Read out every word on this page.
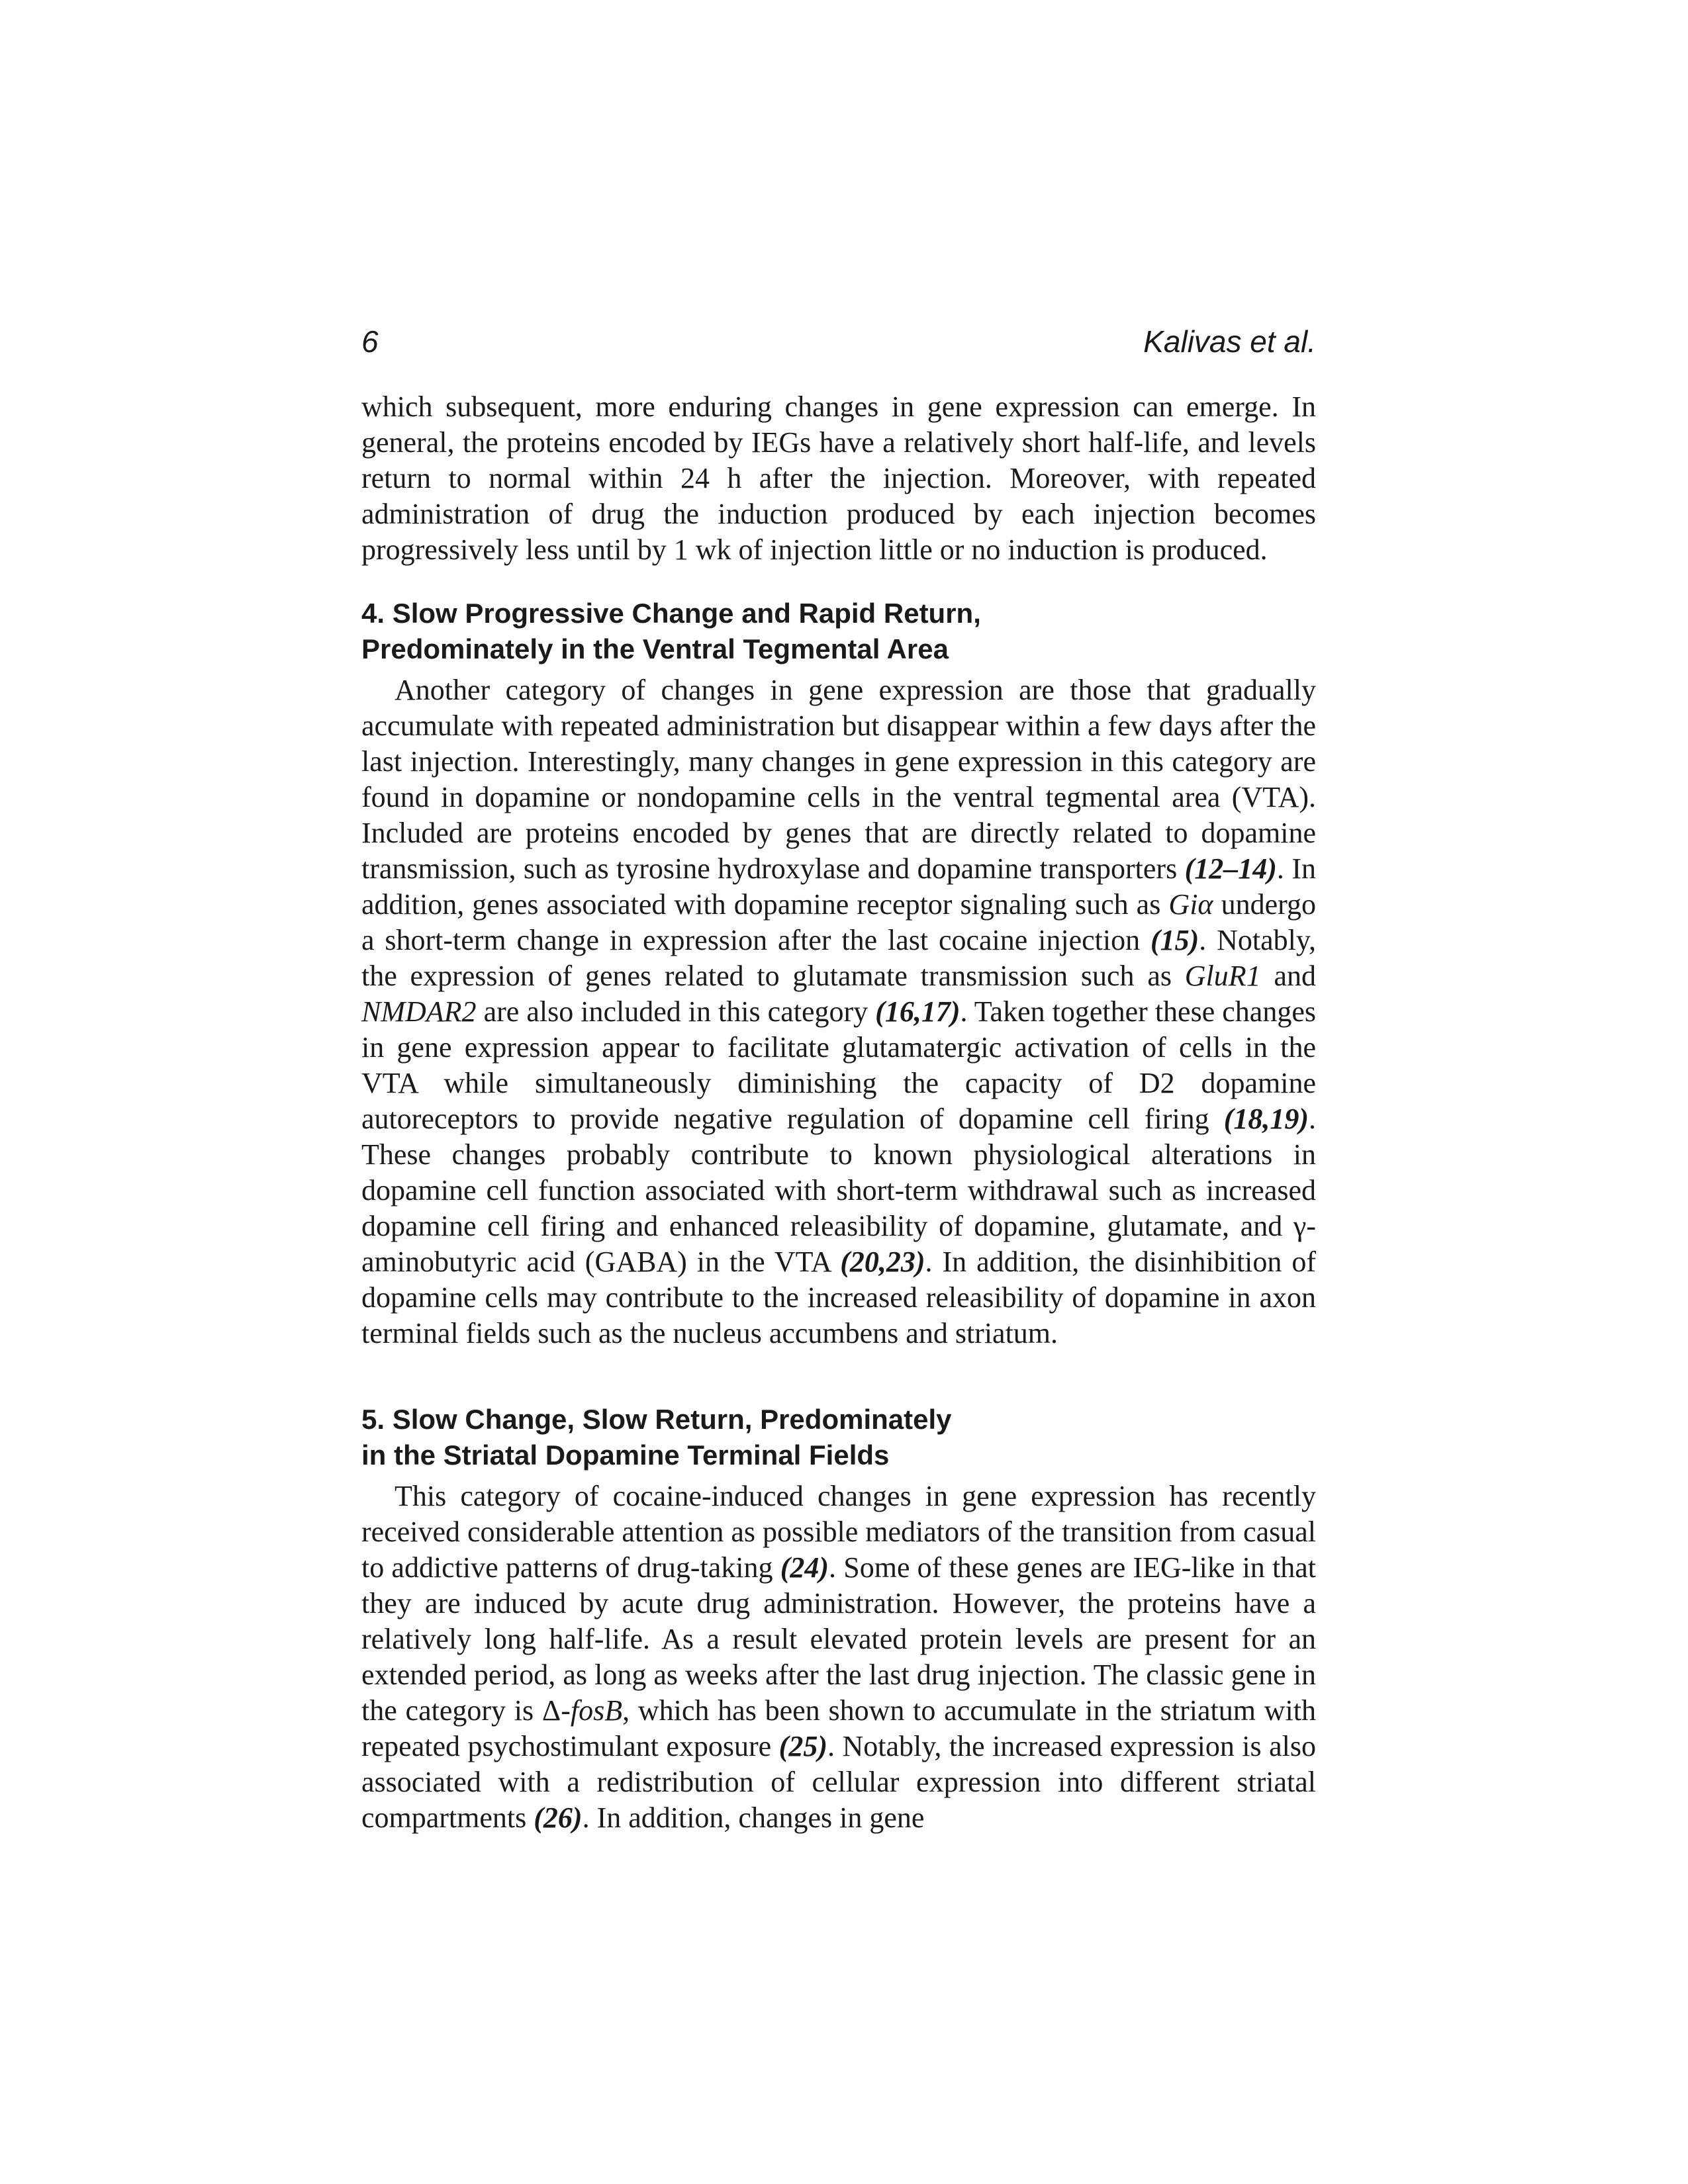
6	Kalivas et al.

which subsequent, more enduring changes in gene expression can emerge. In general, the proteins encoded by IEGs have a relatively short half-life, and levels return to normal within 24 h after the injection. Moreover, with repeated administration of drug the induction produced by each injection becomes progressively less until by 1 wk of injection little or no induction is produced.

4. Slow Progressive Change and Rapid Return,
Predominately in the Ventral Tegmental Area

Another category of changes in gene expression are those that gradually accumulate with repeated administration but disappear within a few days after the last injection. Interestingly, many changes in gene expression in this category are found in dopamine or nondopamine cells in the ventral tegmental area (VTA). Included are proteins encoded by genes that are directly related to dopamine transmission, such as tyrosine hydroxylase and dopamine transporters (12–14). In addition, genes associated with dopamine receptor signaling such as Giα undergo a short-term change in expression after the last cocaine injection (15). Notably, the expression of genes related to glutamate transmission such as GluR1 and NMDAR2 are also included in this category (16,17). Taken together these changes in gene expression appear to facilitate glutamatergic activation of cells in the VTA while simultaneously diminishing the capacity of D2 dopamine autoreceptors to provide negative regulation of dopamine cell firing (18,19). These changes probably contribute to known physiological alterations in dopamine cell function associated with short-term withdrawal such as increased dopamine cell firing and enhanced releasibility of dopamine, glutamate, and γ-aminobutyric acid (GABA) in the VTA (20,23). In addition, the disinhibition of dopamine cells may contribute to the increased releasibility of dopamine in axon terminal fields such as the nucleus accumbens and striatum.

5. Slow Change, Slow Return, Predominately
in the Striatal Dopamine Terminal Fields

This category of cocaine-induced changes in gene expression has recently received considerable attention as possible mediators of the transition from casual to addictive patterns of drug-taking (24). Some of these genes are IEG-like in that they are induced by acute drug administration. However, the proteins have a relatively long half-life. As a result elevated protein levels are present for an extended period, as long as weeks after the last drug injection. The classic gene in the category is Δ-fosB, which has been shown to accumulate in the striatum with repeated psychostimulant exposure (25). Notably, the increased expression is also associated with a redistribution of cellular expression into different striatal compartments (26). In addition, changes in gene
